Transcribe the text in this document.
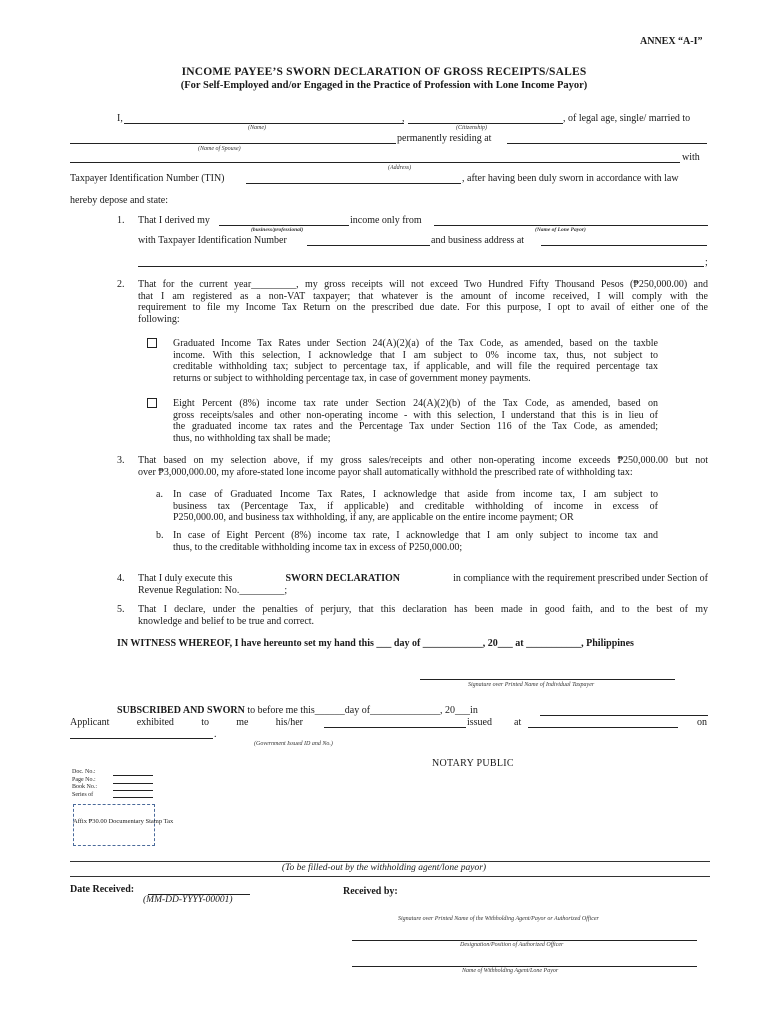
ANNEX “A-I”
INCOME PAYEE’S SWORN DECLARATION OF GROSS RECEIPTS/SALES
(For Self-Employed and/or Engaged in the Practice of Profession with Lone Income Payor)
I,	,	, of legal age, single/ married to
(Name)	(Citizenship)
permanently residing at
(Name of Spouse)
with
(Address)
Taxpayer Identification Number (TIN)	, after having been duly sworn in accordance with law
hereby depose and state:
1. That I derived my	income only from
(business/professional)	(Name of Lone Payor)
with Taxpayer Identification Number	and business address at
;
2. That for the current year_________, my gross receipts will not exceed Two Hundred Fifty Thousand Pesos (₱250,000.00) and
that I am registered as a non-VAT taxpayer; that whatever is the amount of income received, I will comply with the
requirement to file my Income Tax Return on the prescribed due date. For this purpose, I opt to avail of either one of the
following:
Graduated Income Tax Rates under Section 24(A)(2)(a) of the Tax Code, as amended, based on the taxble
income. With this selection, I acknowledge that I am subject to 0% income tax, thus, not subject to
creditable withholding tax; subject to percentage tax, if applicable, and will file the required percentage tax
returns or subject to withholding percentage tax, in case of government money payments.
Eight Percent (8%) income tax rate under Section 24(A)(2)(b) of the Tax Code, as amended, based on
gross receipts/sales and other non-operating income - with this selection, I understand that this is in lieu of
the graduated income tax rates and the Percentage Tax under Section 116 of the Tax Code, as amended;
thus, no withholding tax shall be made;
3. That based on my selection above, if my gross sales/receipts and other non-operating income exceeds ₱250,000.00 but not
over ₱3,000,000.00, my afore-stated lone income payor shall automatically withhold the prescribed rate of withholding tax:
a. In case of Graduated Income Tax Rates, I acknowledge that aside from income tax, I am subject to
business tax (Percentage Tax, if applicable) and creditable withholding of income in excess of
P250,000.00, and business tax withholding, if any, are applicable on the entire income payment; OR
b. In case of Eight Percent (8%) income tax rate, I acknowledge that I am only subject to income tax and
thus, to the creditable withholding income tax in excess of P250,000.00;
4. That I duly execute this	SWORN DECLARATION	in compliance with the requirement prescribed under Section of
Revenue Regulation: No._________;
5. That I declare, under the penalties of perjury, that this declaration has been made in good faith, and to the best of my
knowledge and belief to be true and correct.
IN WITNESS WHEREOF, I have hereunto set my hand this ___ day of ____________, 20___ at ___________, Philippines
Signature over Printed Name of Individual Taxpayer
SUBSCRIBED AND SWORN to before me this______day of______________, 20___in
Applicant	exhibited	to	me	his/her	issued at	on
.
(Government Issued ID and No.)
NOTARY PUBLIC
Doc. No.:
Page No.:
Book No.:
Series of
Affix ₱30.00 Documentary Stamp Tax
(To be filled-out by the withholding agent/lone payor)
Date Received:
(MM-DD-YYYY-00001)
Received by:
Signature over Printed Name of the Withholding Agent/Payor or Authorized Officer
Designation/Position of Authorized Officer
Name of Withholding Agent/Lone Payor
